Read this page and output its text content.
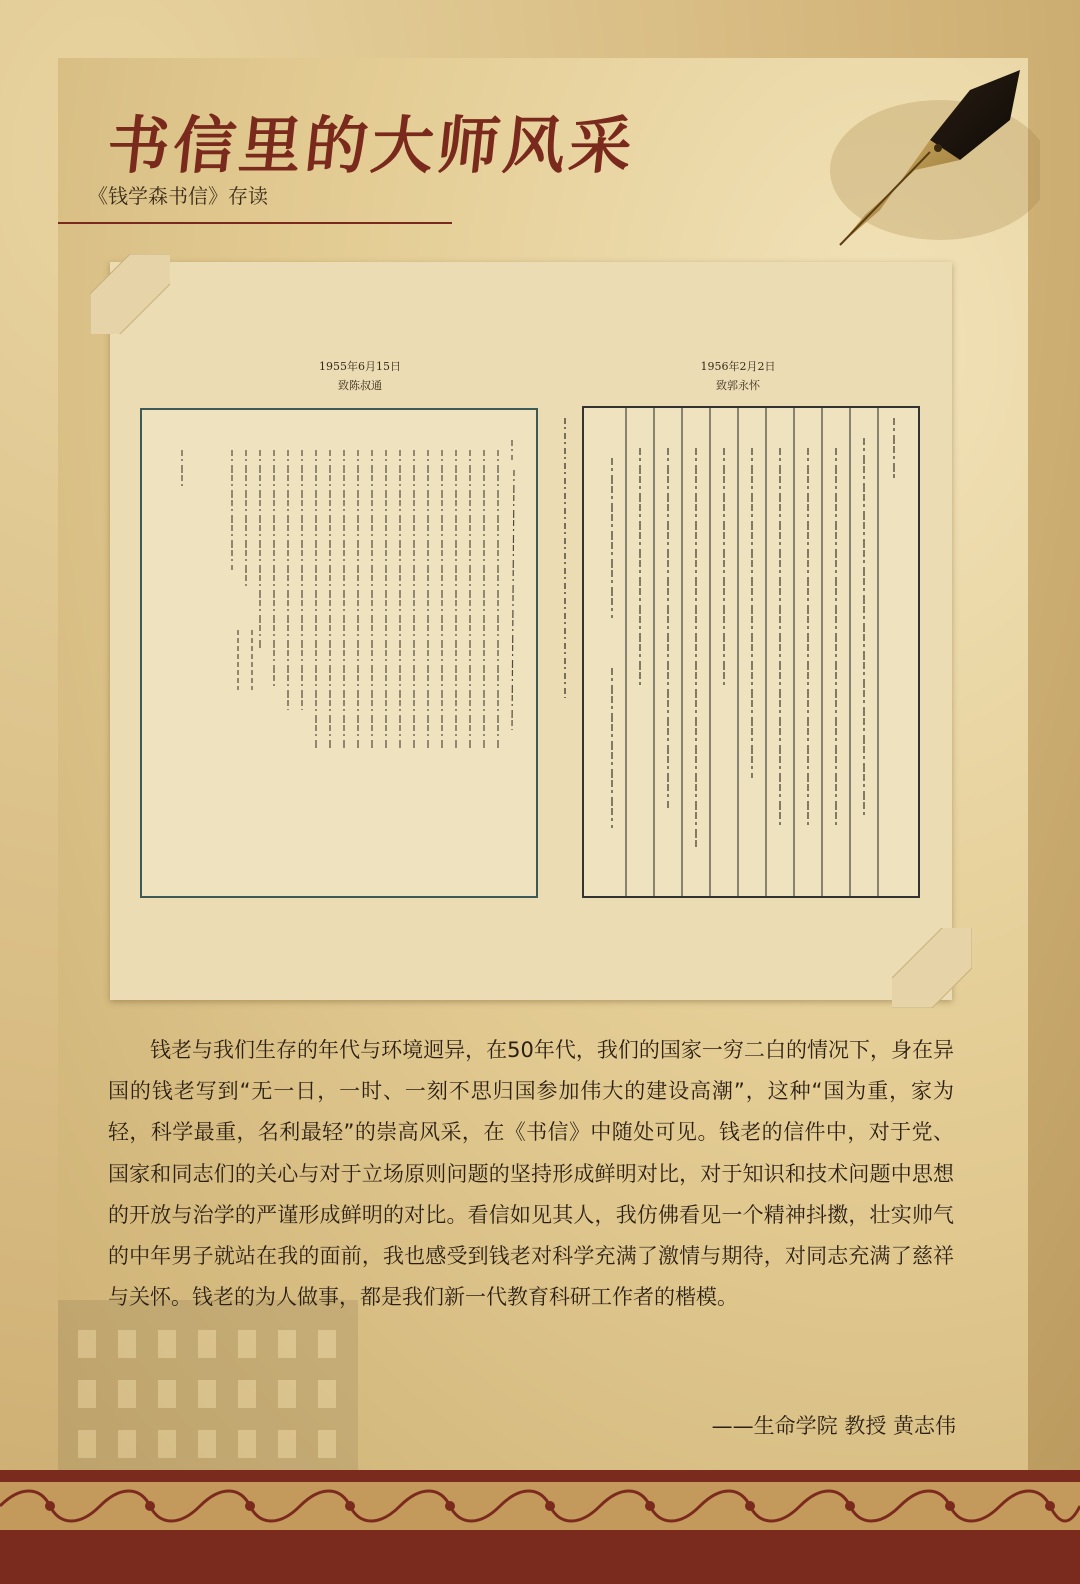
书信里的大师风采
《钱学森书信》存读
1955年6月15日
致陈叔通
1956年2月2日
致郭永怀
钱老与我们生存的年代与环境迥异，在50年代，我们的国家一穷二白的情况下，身在异国的钱老写到“无一日，一时、一刻不思归国参加伟大的建设高潮”，这种“国为重，家为轻，科学最重，名利最轻”的崇高风采，在《书信》中随处可见。钱老的信件中，对于党、国家和同志们的关心与对于立场原则问题的坚持形成鲜明对比，对于知识和技术问题中思想的开放与治学的严谨形成鲜明的对比。看信如见其人，我仿佛看见一个精神抖擞，壮实帅气的中年男子就站在我的面前，我也感受到钱老对科学充满了激情与期待，对同志充满了慈祥与关怀。钱老的为人做事，都是我们新一代教育科研工作者的楷模。
——生命学院 教授 黄志伟
